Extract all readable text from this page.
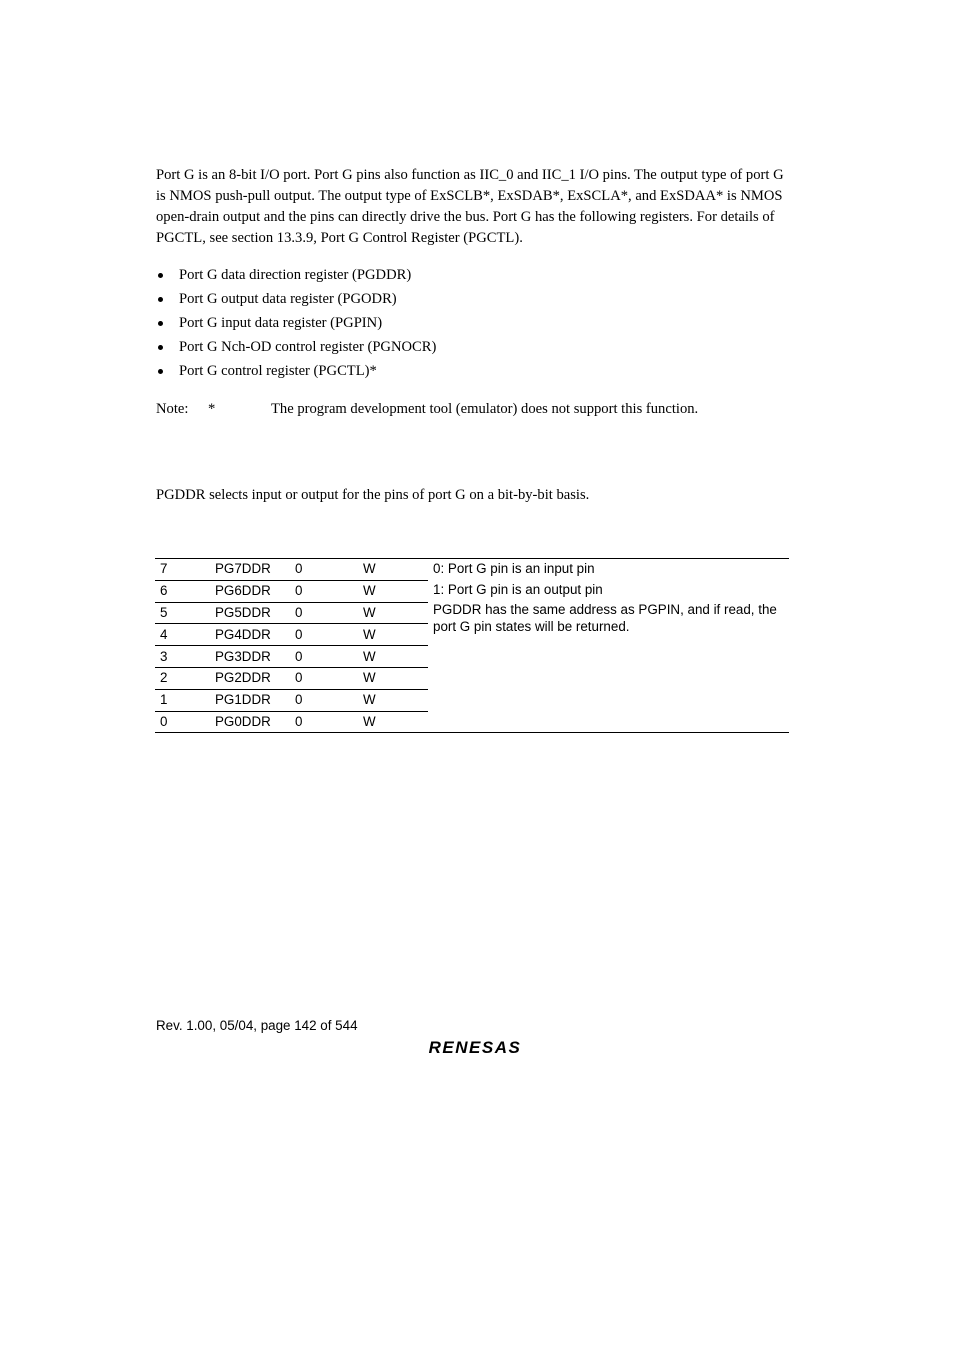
Port G is an 8-bit I/O port. Port G pins also function as IIC_0 and IIC_1 I/O pins. The output type of port G is NMOS push-pull output. The output type of ExSCLB*, ExSDAB*, ExSCLA*, and ExSDAA* is NMOS open-drain output and the pins can directly drive the bus. Port G has the following registers. For details of PGCTL, see section 13.3.9, Port G Control Register (PGCTL).

Port G data direction register (PGDDR)
Port G output data register (PGODR)
Port G input data register (PGPIN)
Port G Nch-OD control register (PGNOCR)
Port G control register (PGCTL)*
Note: *	The program development tool (emulator) does not support this function.

PGDDR selects input or output for the pins of port G on a bit-by-bit basis.

7	PG7DDR	0	W	0: Port G pin is an input pin
1: Port G pin is an output pin
PGDDR has the same address as PGPIN, and if read, the port G pin states will be returned.

6	PG6DDR	0	W	
5	PG5DDR	0	W	
4	PG4DDR	0	W	
3	PG3DDR	0	W	
2	PG2DDR	0	W	
1	PG1DDR	0	W	
0	PG0DDR	0	W	
Rev. 1.00, 05/04, page 142 of 544
RENESAS
